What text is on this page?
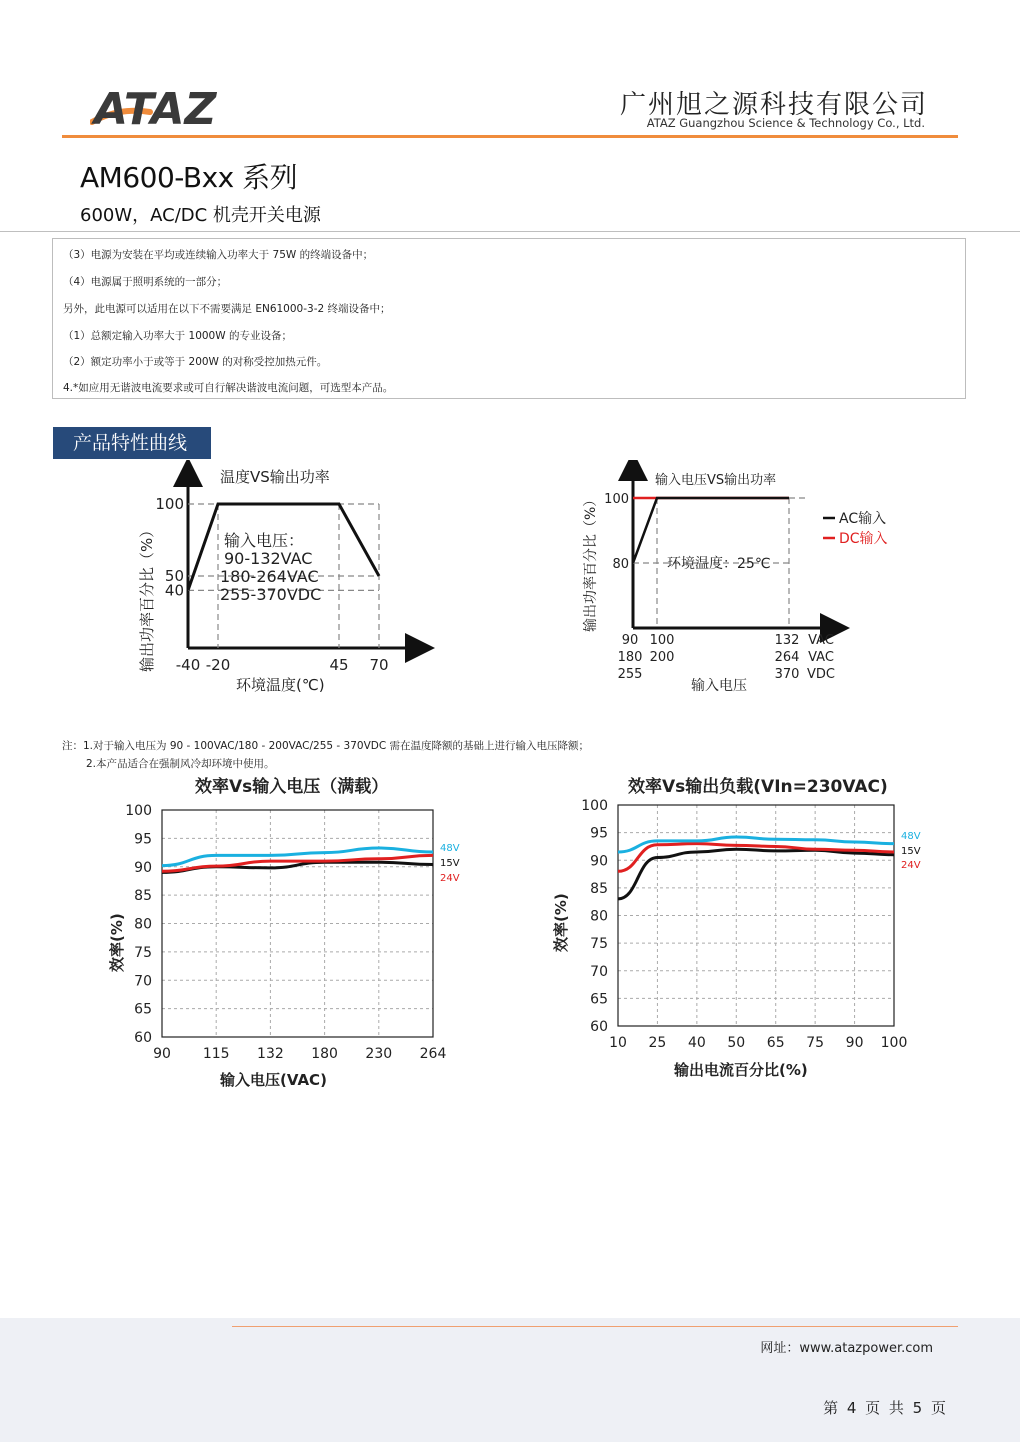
ATAZ	广州旭之源科技有限公司
ATAZ Guangzhou Science & Technology Co., Ltd.
AM600-Bxx 系列
600W，AC/DC 机壳开关电源
（3）电源为安装在平均或连续输入功率大于 75W 的终端设备中；
（4）电源属于照明系统的一部分；
另外，此电源可以适用在以下不需要满足 EN61000-3-2 终端设备中；
（1）总额定输入功率大于 1000W 的专业设备；
（2）额定功率小于或等于 200W 的对称受控加热元件。
4.*如应用无谐波电流要求或可自行解决谐波电流问题，可选型本产品。
产品特性曲线
温度VS输出功率
-40 -20	45 70
100
50
40
输入电压：
90-132VAC
180-264VAC
255-370VDC
环境温度(℃)
输出功率百分比（%）
输入电压VS输出功率
100
80
90 100	132 VAC
180 200	264 VAC
255	370 VDC
环境温度：25℃
AC输入
DC输入
输入电压
输出功率百分比（%）
注：1.对于输入电压为 90 - 100VAC/180 - 200VAC/255 - 370VDC 需在温度降额的基础上进行输入电压降额；
2.本产品适合在强制风冷却环境中使用。
效率Vs输入电压（满载）
90 115 132 180 230 264
100
95
90
85
80
75
70
65
60
48V
15V
24V
输入电压(VAC)
效率(%)
效率Vs输出负载(VIn=230VAC)
10 25 40 50 65 75 90 100
100
95
90
85
80
75
70
65
60
48V
15V
24V
输出电流百分比(%)
效率(%)
网址：www.atazpower.com
第 4 页 共 5 页
